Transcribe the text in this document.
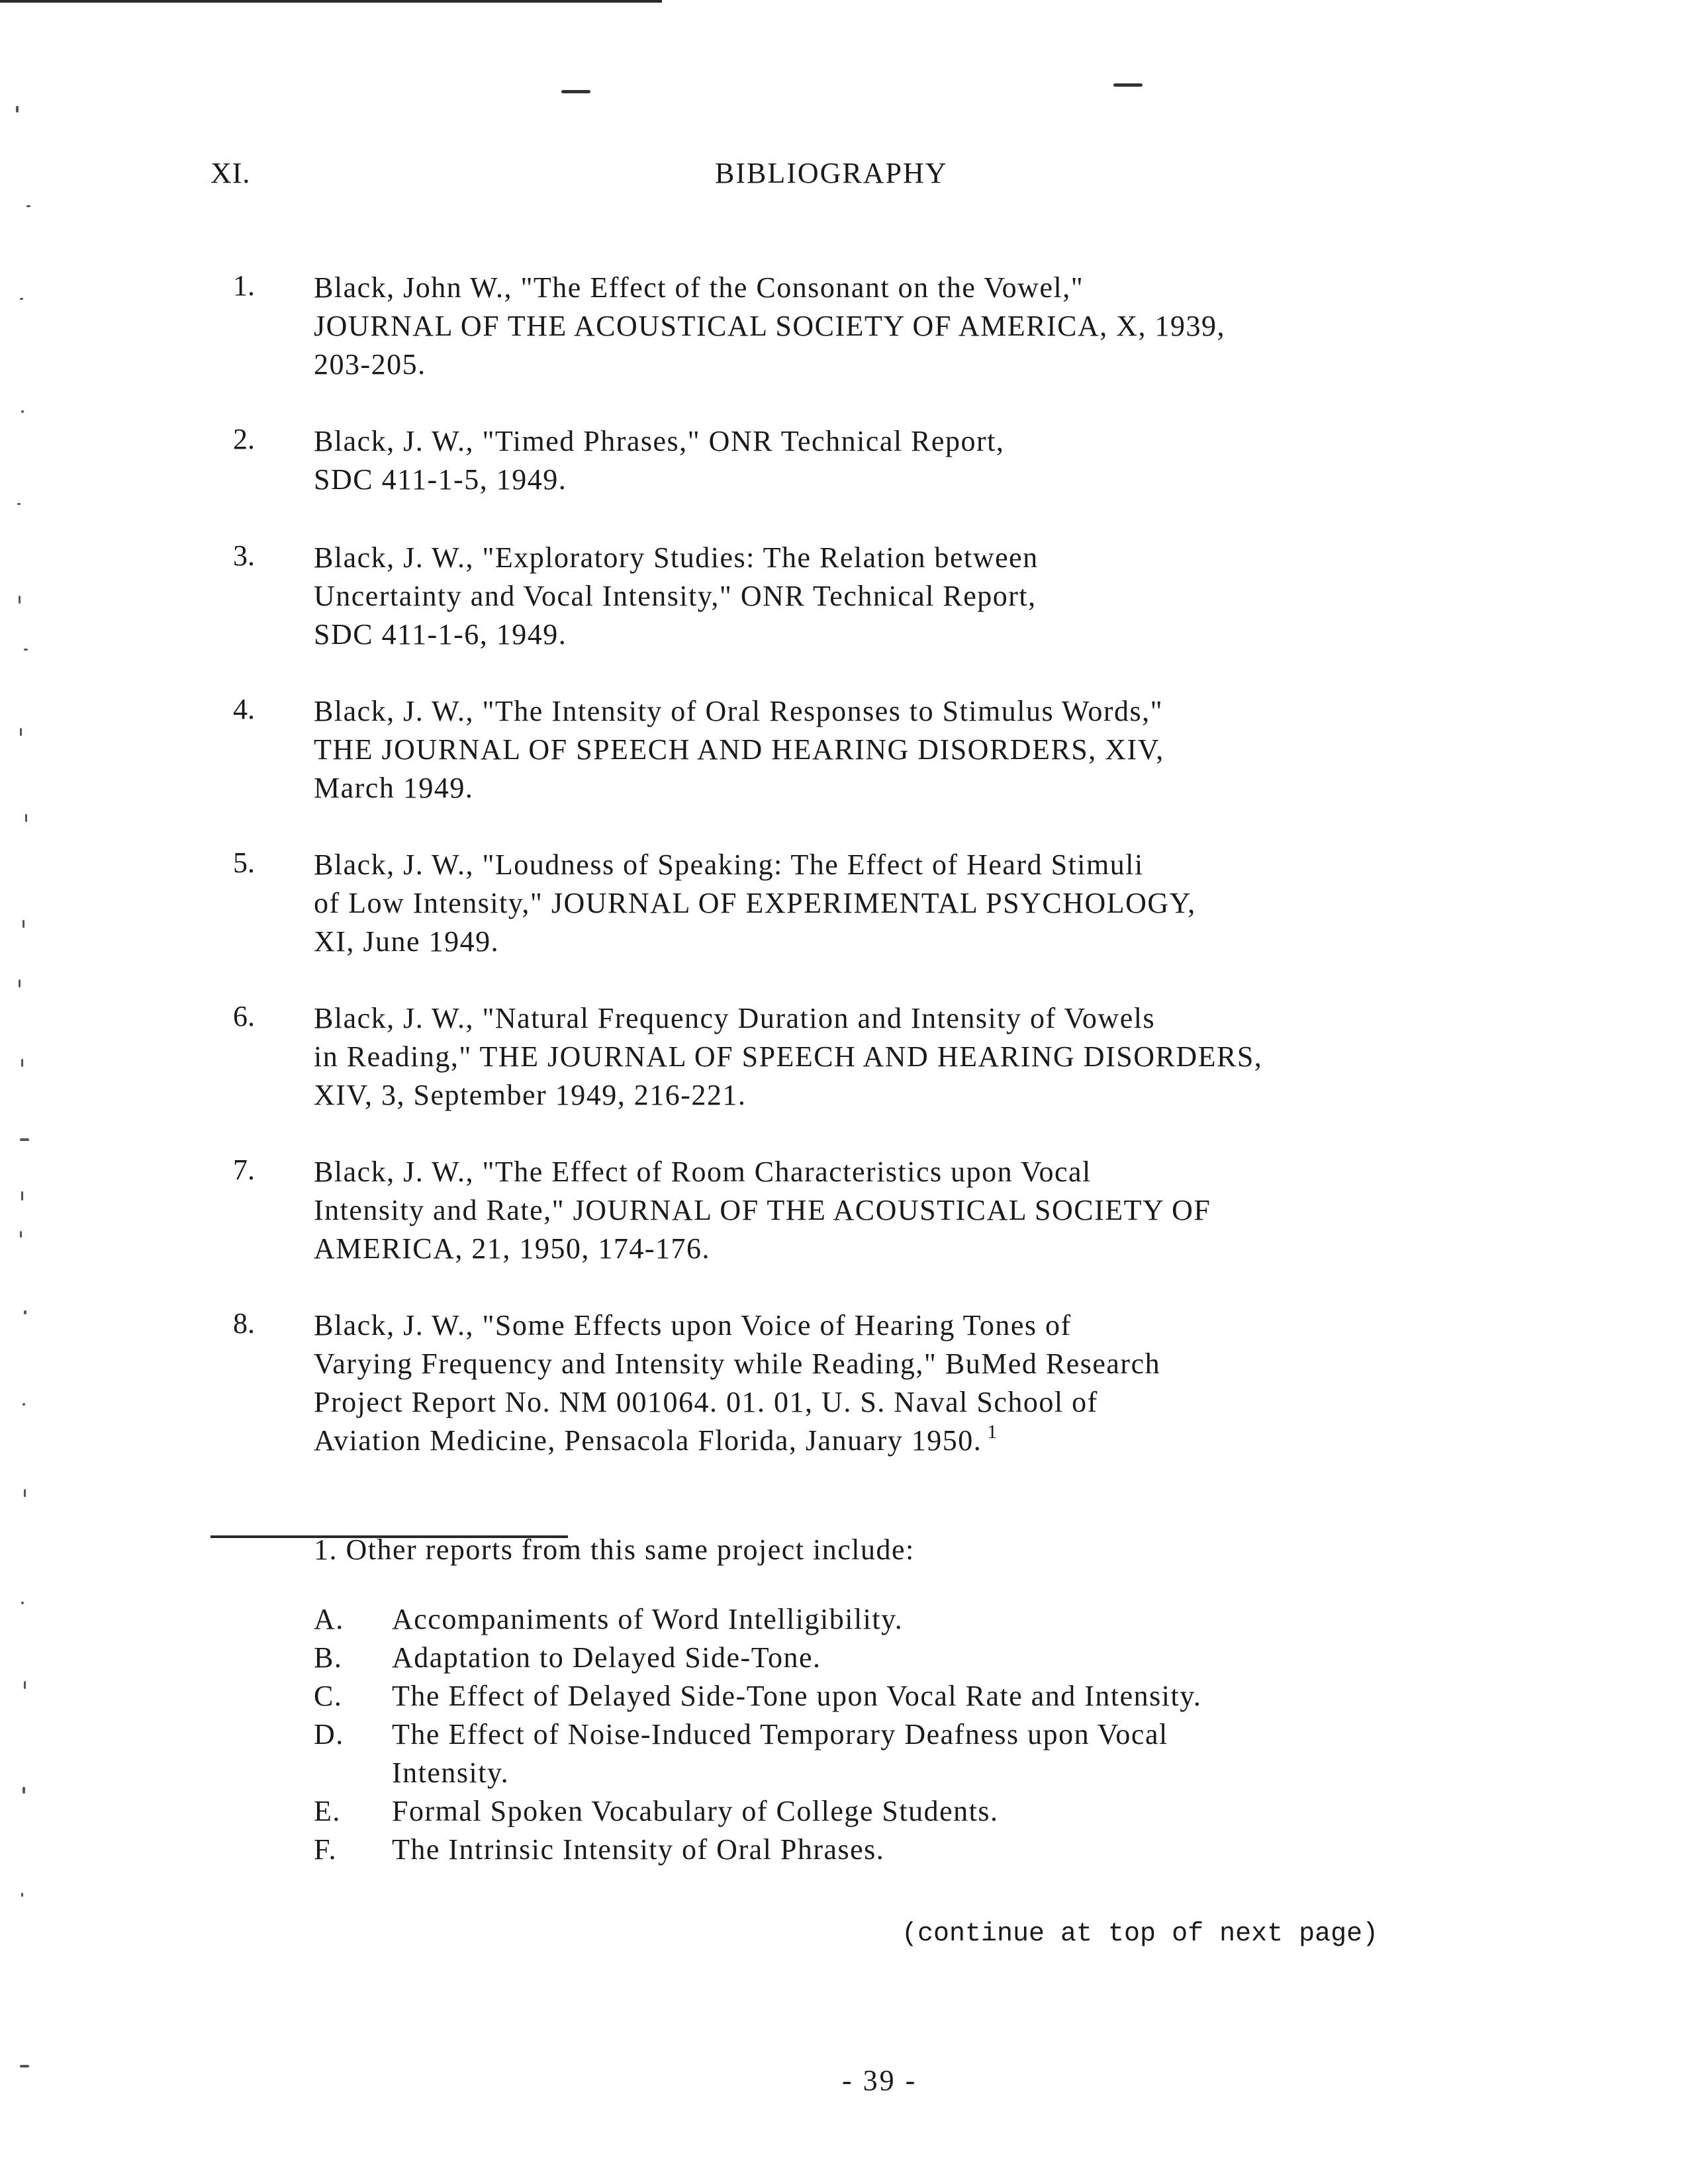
XI.	BIBLIOGRAPHY
1. Black, John W., "The Effect of the Consonant on the Vowel,"
JOURNAL OF THE ACOUSTICAL SOCIETY OF AMERICA, X, 1939,
203-205.
2. Black, J. W., "Timed Phrases," ONR Technical Report,
SDC 411-1-5, 1949.
3. Black, J. W., "Exploratory Studies: The Relation between
Uncertainty and Vocal Intensity," ONR Technical Report,
SDC 411-1-6, 1949.
4. Black, J. W., "The Intensity of Oral Responses to Stimulus Words,"
THE JOURNAL OF SPEECH AND HEARING DISORDERS, XIV,
March 1949.
5. Black, J. W., "Loudness of Speaking: The Effect of Heard Stimuli
of Low Intensity," JOURNAL OF EXPERIMENTAL PSYCHOLOGY,
XI, June 1949.
6. Black, J. W., "Natural Frequency Duration and Intensity of Vowels
in Reading," THE JOURNAL OF SPEECH AND HEARING DISORDERS,
XIV, 3, September 1949, 216-221.
7. Black, J. W., "The Effect of Room Characteristics upon Vocal
Intensity and Rate," JOURNAL OF THE ACOUSTICAL SOCIETY OF
AMERICA, 21, 1950, 174-176.
8. Black, J. W., "Some Effects upon Voice of Hearing Tones of
Varying Frequency and Intensity while Reading," BuMed Research
Project Report No. NM 001064. 01. 01, U. S. Naval School of
Aviation Medicine, Pensacola Florida, January 1950. $^1$
1. Other reports from this same project include:
A.	Accompaniments of Word Intelligibility.
B.	Adaptation to Delayed Side-Tone.
C.	The Effect of Delayed Side-Tone upon Vocal Rate and Intensity.
D.	The Effect of Noise-Induced Temporary Deafness upon Vocal
Intensity.
E.	Formal Spoken Vocabulary of College Students.
F.	The Intrinsic Intensity of Oral Phrases.
(continue at top of next page)
- 39 -
